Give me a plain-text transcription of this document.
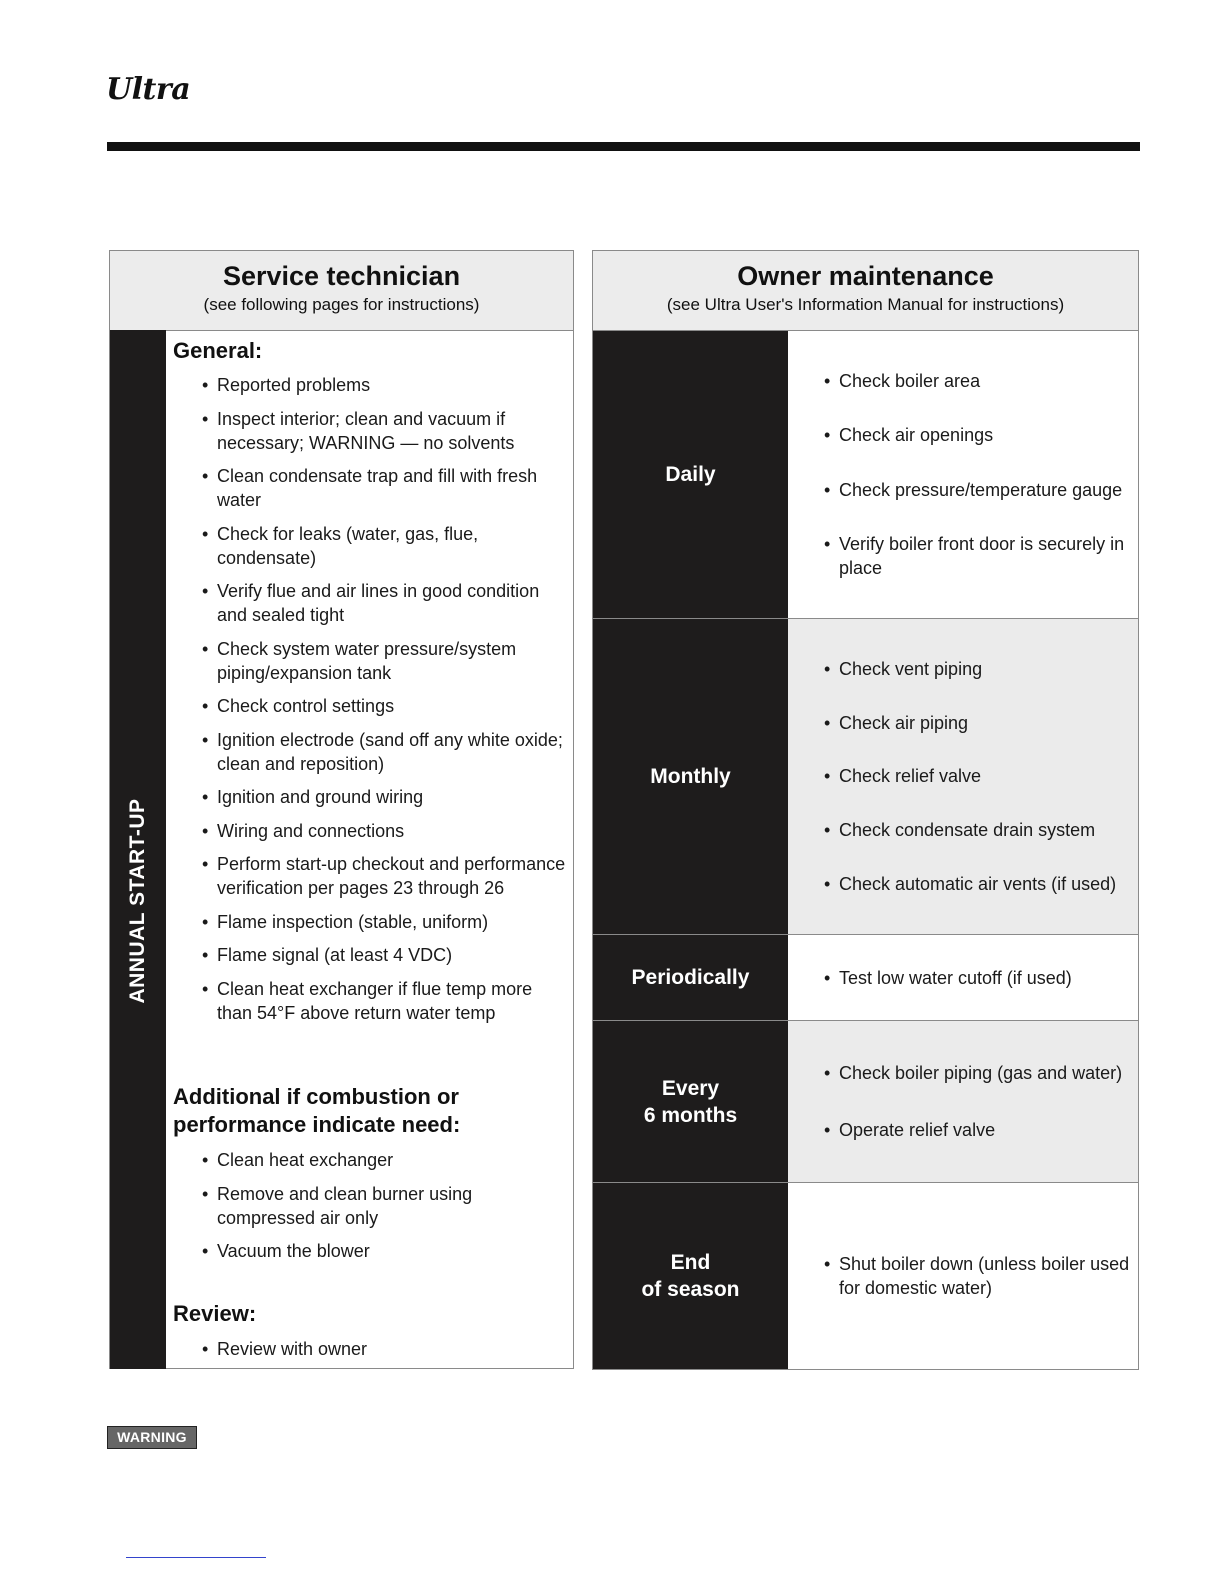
Ultra
Service technician
(see following pages for instructions)
ANNUAL START-UP
General:
• Reported problems
• Inspect interior; clean and vacuum if necessary; WARNING — no solvents
• Clean condensate trap and fill with fresh water
• Check for leaks (water, gas, flue, condensate)
• Verify flue and air lines in good condition and sealed tight
• Check system water pressure/system piping/expansion tank
• Check control settings
• Ignition electrode (sand off any white oxide; clean and reposition)
• Ignition and ground wiring
• Wiring and connections
• Perform start-up checkout and performance verification per pages 23 through 26
• Flame inspection (stable, uniform)
• Flame signal (at least 4 VDC)
• Clean heat exchanger if flue temp more than 54°F above return water temp
Additional if combustion or performance indicate need:
• Clean heat exchanger
• Remove and clean burner using compressed air only
• Vacuum the blower
Review:
• Review with owner
Owner maintenance
(see Ultra User's Information Manual for instructions)
Daily
• Check boiler area
• Check air openings
• Check pressure/temperature gauge
• Verify boiler front door is securely in place
Monthly
• Check vent piping
• Check air piping
• Check relief valve
• Check condensate drain system
• Check automatic air vents (if used)
Periodically
•	Test low water cutoff (if used)
Every
6 months
• Check boiler piping (gas and water)
• Operate relief valve
End
of season
• Shut boiler down (unless boiler used for domestic water)
WARNING
